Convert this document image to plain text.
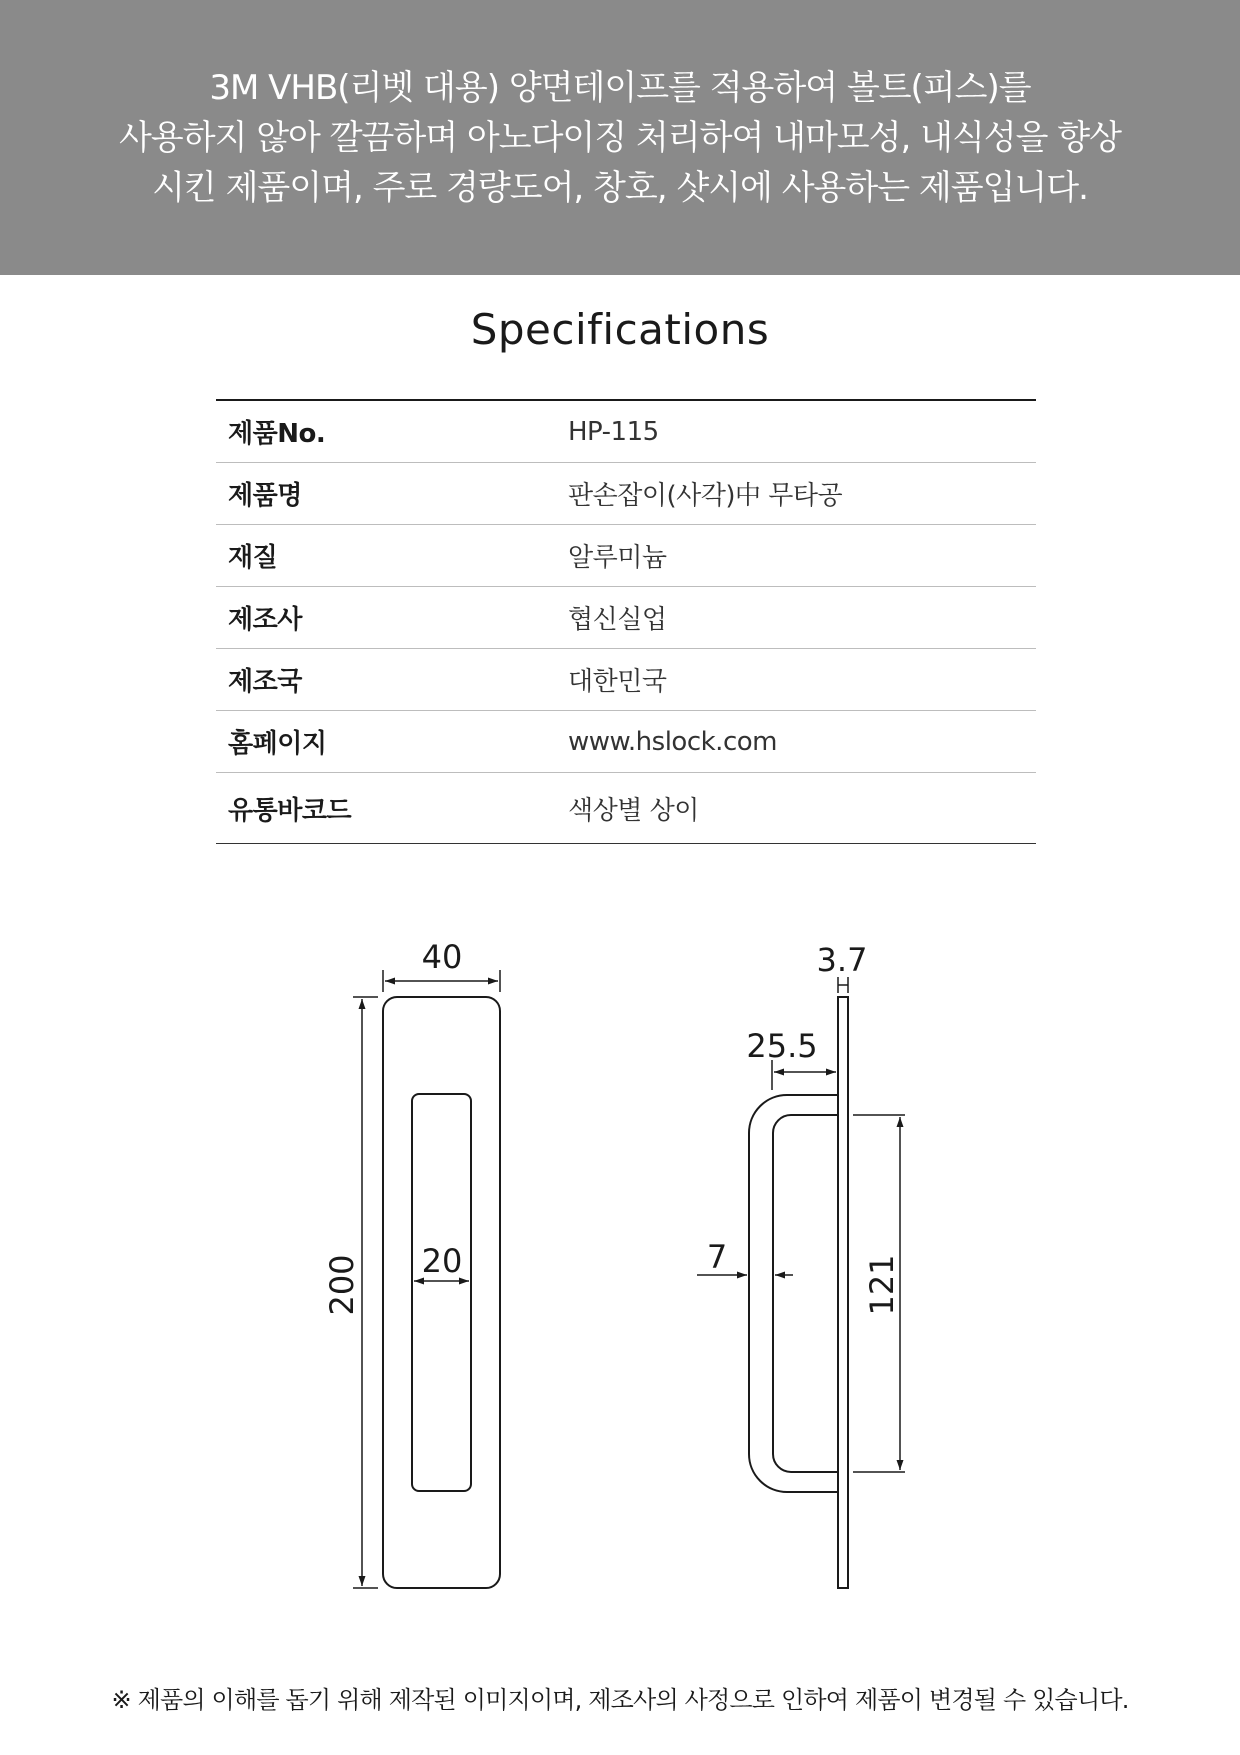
3M VHB(리벳 대용) 양면테이프를 적용하여 볼트(피스)를
사용하지 않아 깔끔하며 아노다이징 처리하여 내마모성, 내식성을 향상
시킨 제품이며, 주로 경량도어, 창호, 샷시에 사용하는 제품입니다.
Specifications
제품No.	HP-115
제품명	판손잡이(사각)中 무타공
재질	알루미늄
제조사	협신실업
제조국	대한민국
홈페이지	www.hslock.com
유통바코드	색상별 상이
40
200 20
3.7
25.5
7	121
※ 제품의 이해를 돕기 위해 제작된 이미지이며, 제조사의 사정으로 인하여 제품이 변경될 수 있습니다.
